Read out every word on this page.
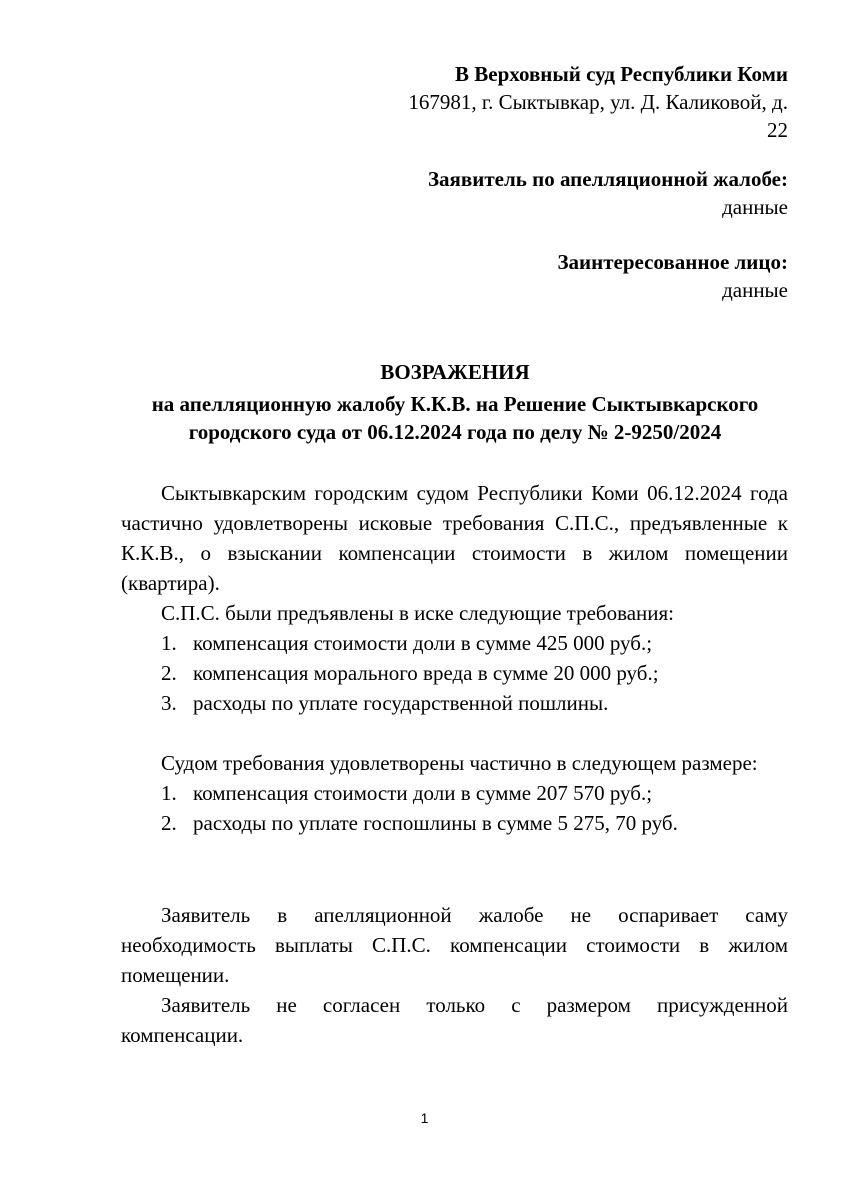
В Верховный суд Республики Коми
167981, г. Сыктывкар, ул. Д. Каликовой, д.
22
Заявитель по апелляционной жалобе:
данные
Заинтересованное лицо:
данные
ВОЗРАЖЕНИЯ
на апелляционную жалобу К.К.В. на Решение Сыктывкарского
городского суда от 06.12.2024 года по делу № 2-9250/2024

Сыктывкарским городским судом Республики Коми 06.12.2024 года частично удовлетворены исковые требования С.П.С., предъявленные к К.К.В., о взыскании компенсации стоимости в жилом помещении (квартира).

С.П.С. были предъявлены в иске следующие требования:

1. компенсация стоимости доли в сумме 425 000 руб.;
2. компенсация морального вреда в сумме 20 000 руб.;
3. расходы по уплате государственной пошлины.

Судом требования удовлетворены частично в следующем размере:

1. компенсация стоимости доли в сумме 207 570 руб.;
2. расходы по уплате госпошлины в сумме 5 275, 70 руб.

Заявитель в апелляционной жалобе не оспаривает саму необходимость выплаты С.П.С. компенсации стоимости в жилом помещении.

Заявитель не согласен только с размером присужденной компенсации.

1
